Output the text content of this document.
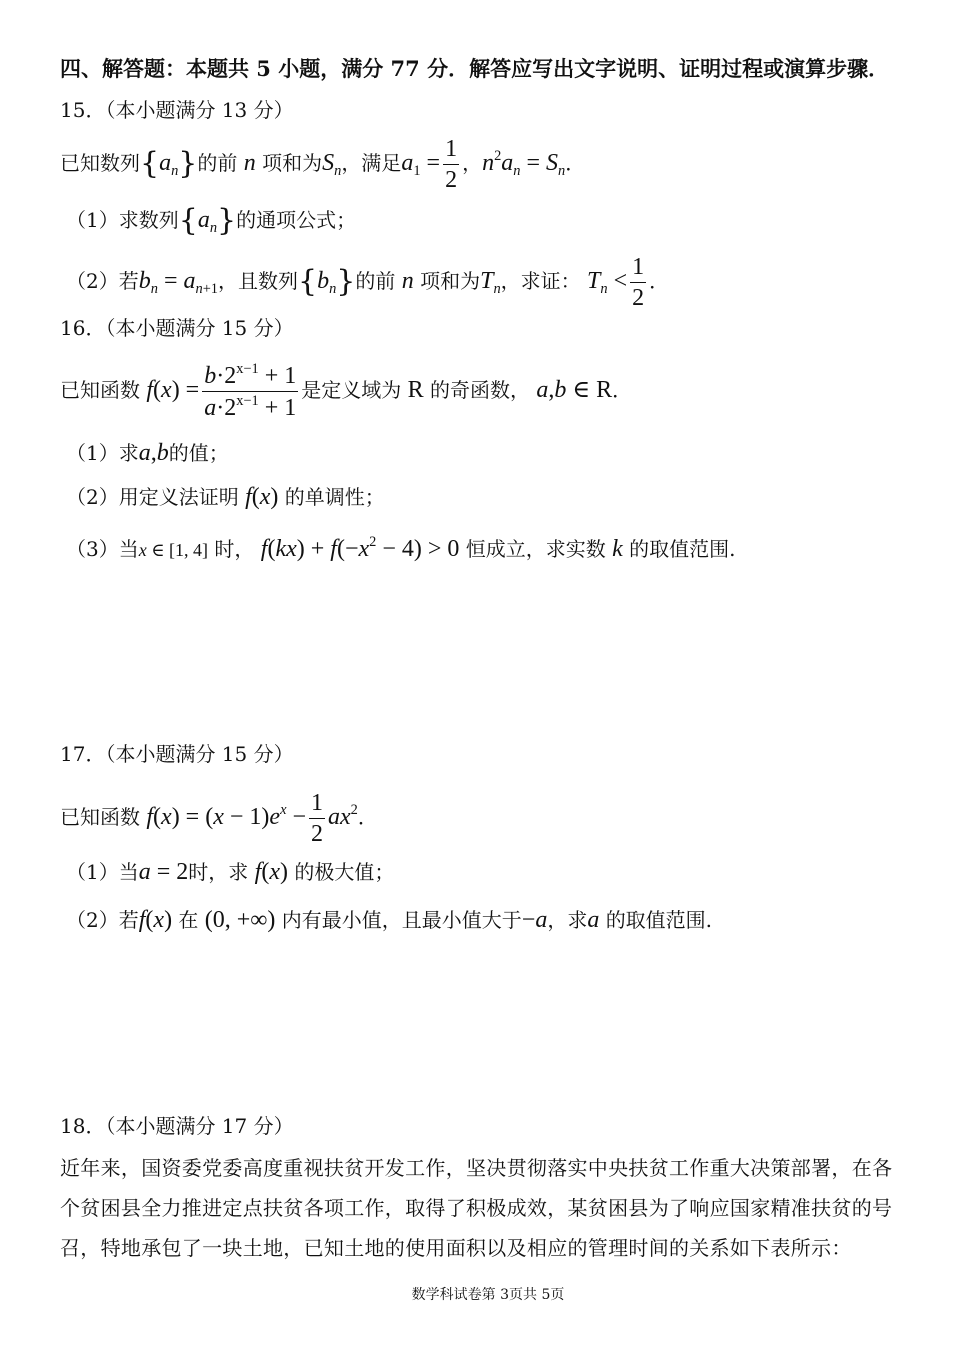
四、解答题：本题共 5 小题，满分 77 分．解答应写出文字说明、证明过程或演算步骤．
15．（本小题满分 13 分）
已知数列$\{a_n\}$的前 n 项和为$S_n$，满足$a_1 = \frac{1}{2}$ ，$n^2a_n = S_n$．
（1）求数列$\{a_n\}$的通项公式；
（2）若$b_n = a_{n+1}$，且数列$\{b_n\}$的前 n 项和为$T_n$，求证： $T_n < \frac{1}{2}$ ．
16．（本小题满分 15 分）
已知函数 $f(x) = \frac{b\cdot 2^{x-1} + 1}{a\cdot 2^{x-1} + 1}$ 是定义域为 R 的奇函数， a,b ∈ R．
（1）求a,b的值；
（2）用定义法证明 f(x) 的单调性；
（3）当x ∈ [1, 4] 时， $f(kx) + f(-x^2 - 4) > 0$ 恒成立，求实数 k 的取值范围.
17．（本小题满分 15 分）
已知函数 $f(x) = (x - 1)e^x - \frac{1}{2} ax^2$．
（1）当a = 2时，求 f(x) 的极大值；
（2）若f(x) 在 (0, +∞) 内有最小值，且最小值大于−a，求a 的取值范围.
18．（本小题满分 17 分）
近年来，国资委党委高度重视扶贫开发工作，坚决贯彻落实中央扶贫工作重大决策部署，在各
个贫困县全力推进定点扶贫各项工作，取得了积极成效，某贫困县为了响应国家精准扶贫的号
召，特地承包了一块土地，已知土地的使用面积以及相应的管理时间的关系如下表所示：
数学科试卷第 3页共 5页
